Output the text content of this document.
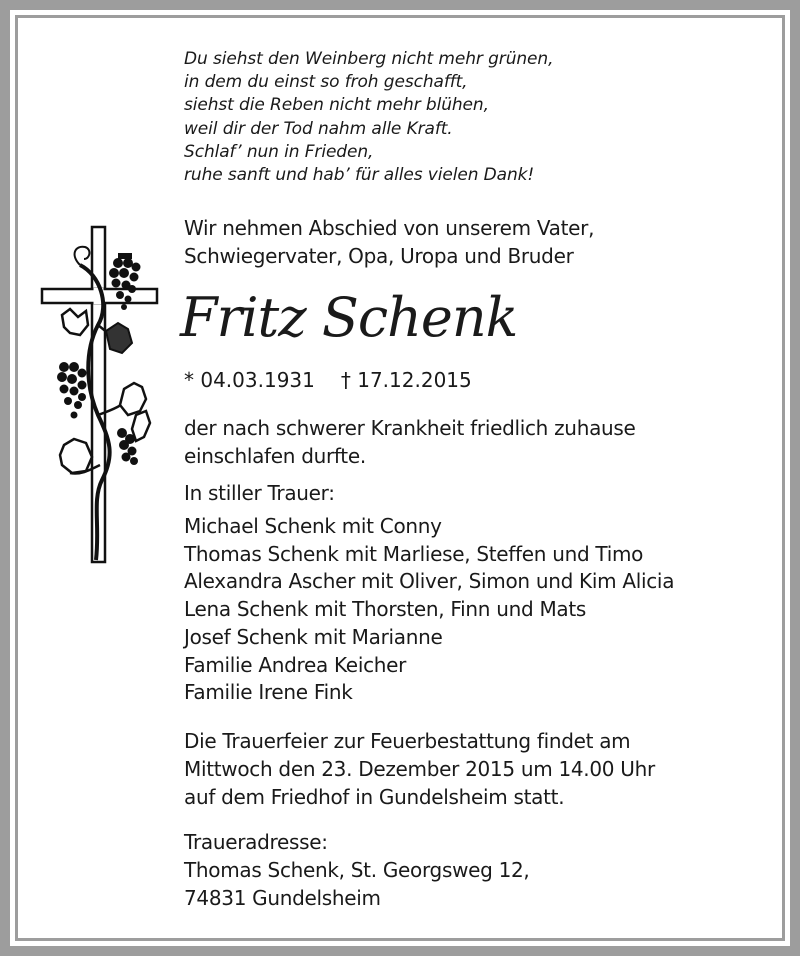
Du siehst den Weinberg nicht mehr grünen,
in dem du einst so froh geschafft,
siehst die Reben nicht mehr blühen,
weil dir der Tod nahm alle Kraft.
Schlaf’ nun in Frieden,
ruhe sanft und hab’ für alles vielen Dank!
Wir nehmen Abschied von unserem Vater,
Schwiegervater, Opa, Uropa und Bruder
Fritz Schenk
* 04.03.1931 † 17.12.2015
der nach schwerer Krankheit friedlich zuhause
einschlafen durfte.
In stiller Trauer:
Michael Schenk mit Conny
Thomas Schenk mit Marliese, Steffen und Timo
Alexandra Ascher mit Oliver, Simon und Kim Alicia
Lena Schenk mit Thorsten, Finn und Mats
Josef Schenk mit Marianne
Familie Andrea Keicher
Familie Irene Fink
Die Trauerfeier zur Feuerbestattung findet am
Mittwoch den 23. Dezember 2015 um 14.00 Uhr
auf dem Friedhof in Gundelsheim statt.
Traueradresse:
Thomas Schenk, St. Georgsweg 12,
74831 Gundelsheim
